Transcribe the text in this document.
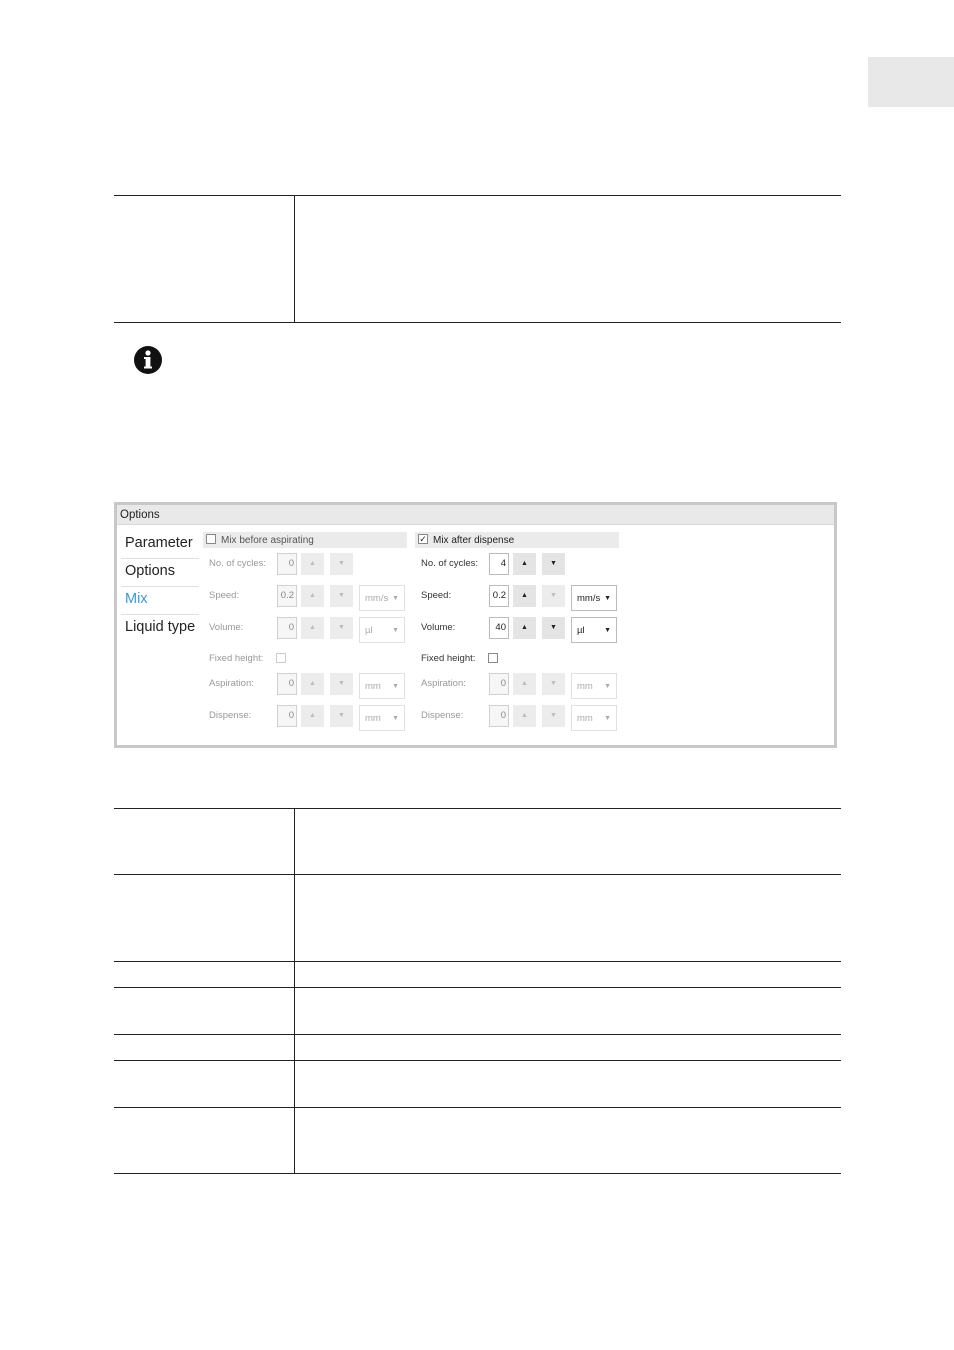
Options
Parameter
Options
Mix
Liquid type
Mix before aspirating
No. of cycles:	0	▲	▼
Speed:	0.2	▲	▼	mm/s ▼
Volume:	0	▲	▼	µl	▼
Fixed height:
Aspiration:	0	▲	▼	mm ▼
Dispense:	0	▲	▼	mm ▼
✓ Mix after dispense
No. of cycles:	4	▲	▼
Speed:	0.2	▲	▼	mm/s ▼
Volume:	40	▲	▼	µl	▼
Fixed height:
Aspiration:	0	▲	▼	mm ▼
Dispense:	0	▲	▼	mm ▼
